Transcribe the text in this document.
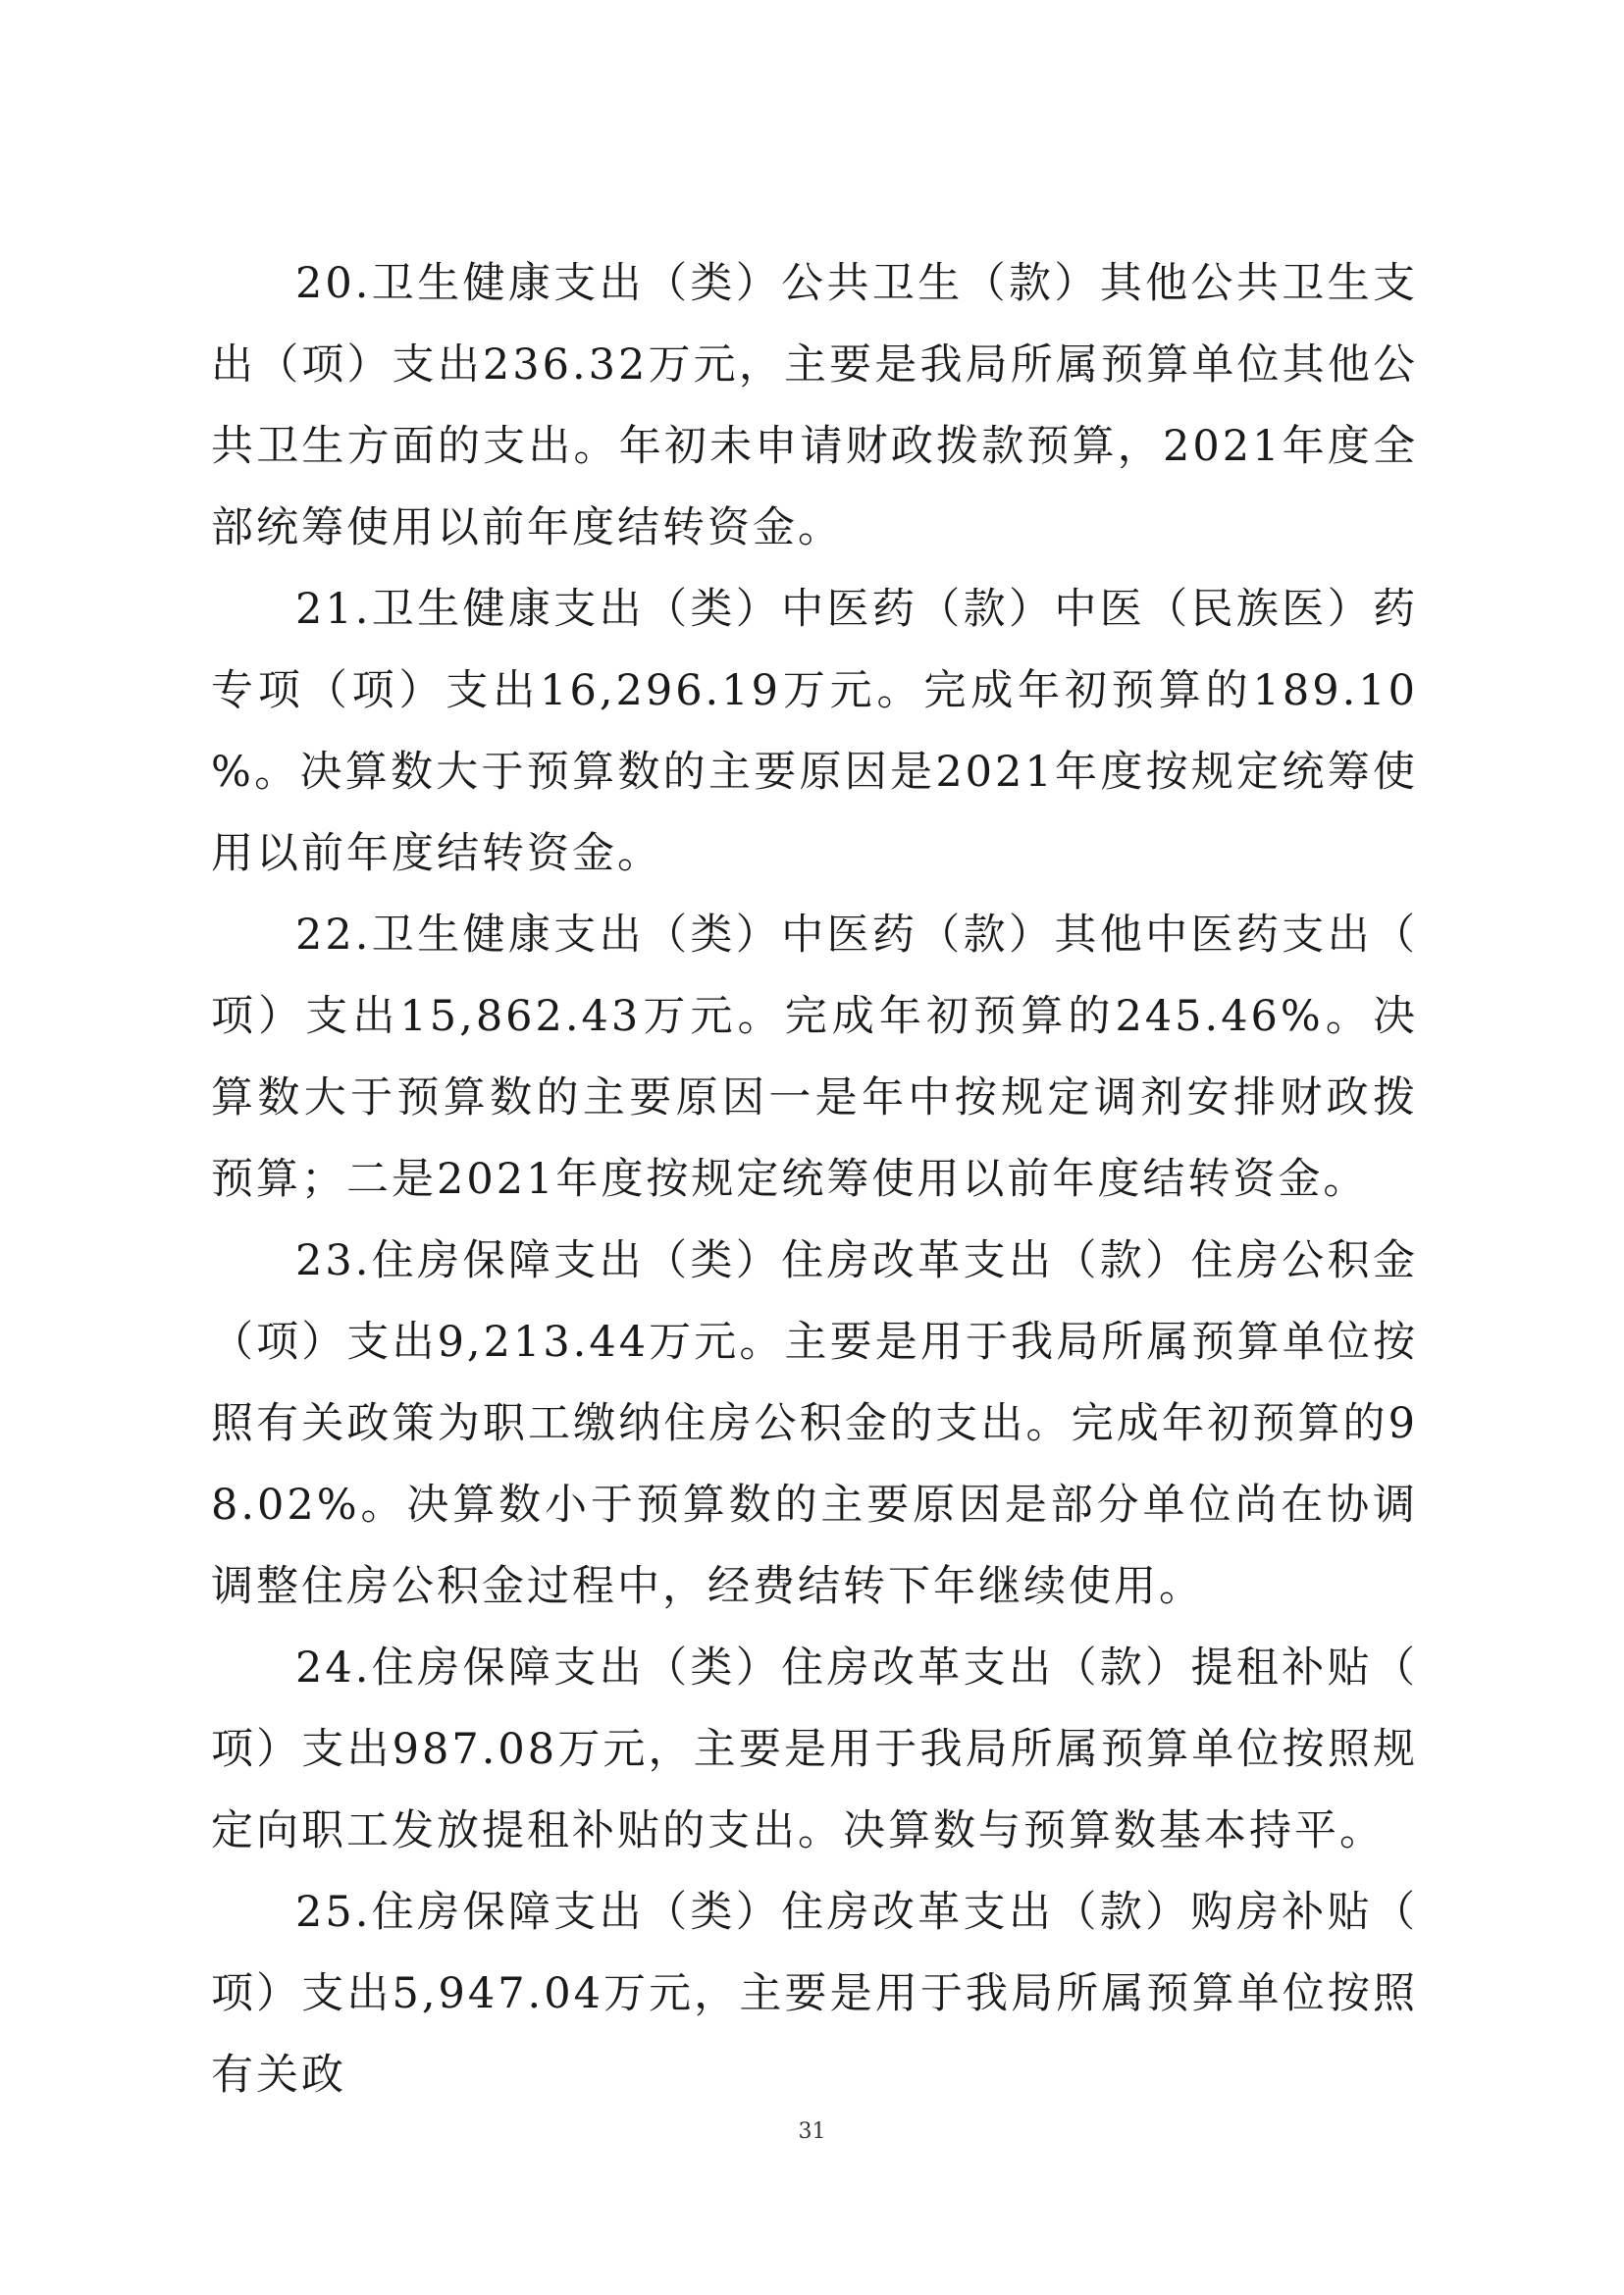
20.卫生健康支出（类）公共卫生（款）其他公共卫生支出（项）支出236.32万元，主要是我局所属预算单位其他公共卫生方面的支出。年初未申请财政拨款预算，2021年度全部统筹使用以前年度结转资金。

21.卫生健康支出（类）中医药（款）中医（民族医）药专项（项）支出16,296.19万元。完成年初预算的189.10%。决算数大于预算数的主要原因是2021年度按规定统筹使用以前年度结转资金。

22.卫生健康支出（类）中医药（款）其他中医药支出（项）支出15,862.43万元。完成年初预算的245.46%。决算数大于预算数的主要原因一是年中按规定调剂安排财政拨预算；二是2021年度按规定统筹使用以前年度结转资金。

23.住房保障支出（类）住房改革支出（款）住房公积金（项）支出9,213.44万元。主要是用于我局所属预算单位按照有关政策为职工缴纳住房公积金的支出。完成年初预算的98.02%。决算数小于预算数的主要原因是部分单位尚在协调调整住房公积金过程中，经费结转下年继续使用。

24.住房保障支出（类）住房改革支出（款）提租补贴（项）支出987.08万元，主要是用于我局所属预算单位按照规定向职工发放提租补贴的支出。决算数与预算数基本持平。

25.住房保障支出（类）住房改革支出（款）购房补贴（项）支出5,947.04万元，主要是用于我局所属预算单位按照有关政

31
